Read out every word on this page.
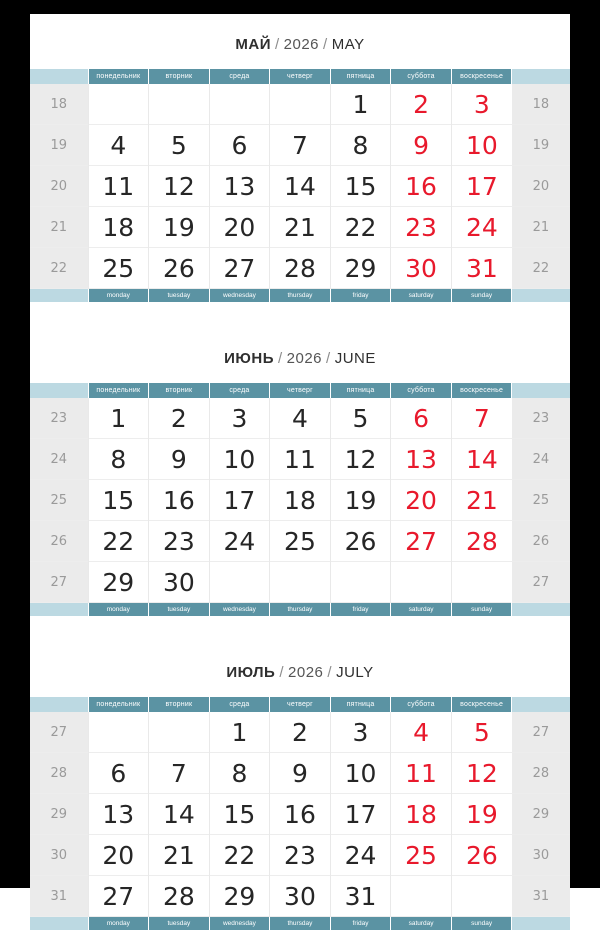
МАЙ / 2026 / MAY
	понедельник	вторник	среда	четверг	пятница	суббота	воскресенье	
18					1	2	3	18
19	4	5	6	7	8	9	10	19
20	11	12	13	14	15	16	17	20
21	18	19	20	21	22	23	24	21
22	25	26	27	28	29	30	31	22
	monday	tuesday	wednesday	thursday	friday	saturday	sunday	
ИЮНЬ / 2026 / JUNE
	понедельник	вторник	среда	четверг	пятница	суббота	воскресенье	
23	1	2	3	4	5	6	7	23
24	8	9	10	11	12	13	14	24
25	15	16	17	18	19	20	21	25
26	22	23	24	25	26	27	28	26
27	29	30						27
	monday	tuesday	wednesday	thursday	friday	saturday	sunday	
ИЮЛЬ / 2026 / JULY
	понедельник	вторник	среда	четверг	пятница	суббота	воскресенье	
27			1	2	3	4	5	27
28	6	7	8	9	10	11	12	28
29	13	14	15	16	17	18	19	29
30	20	21	22	23	24	25	26	30
31	27	28	29	30	31			31
	monday	tuesday	wednesday	thursday	friday	saturday	sunday	
